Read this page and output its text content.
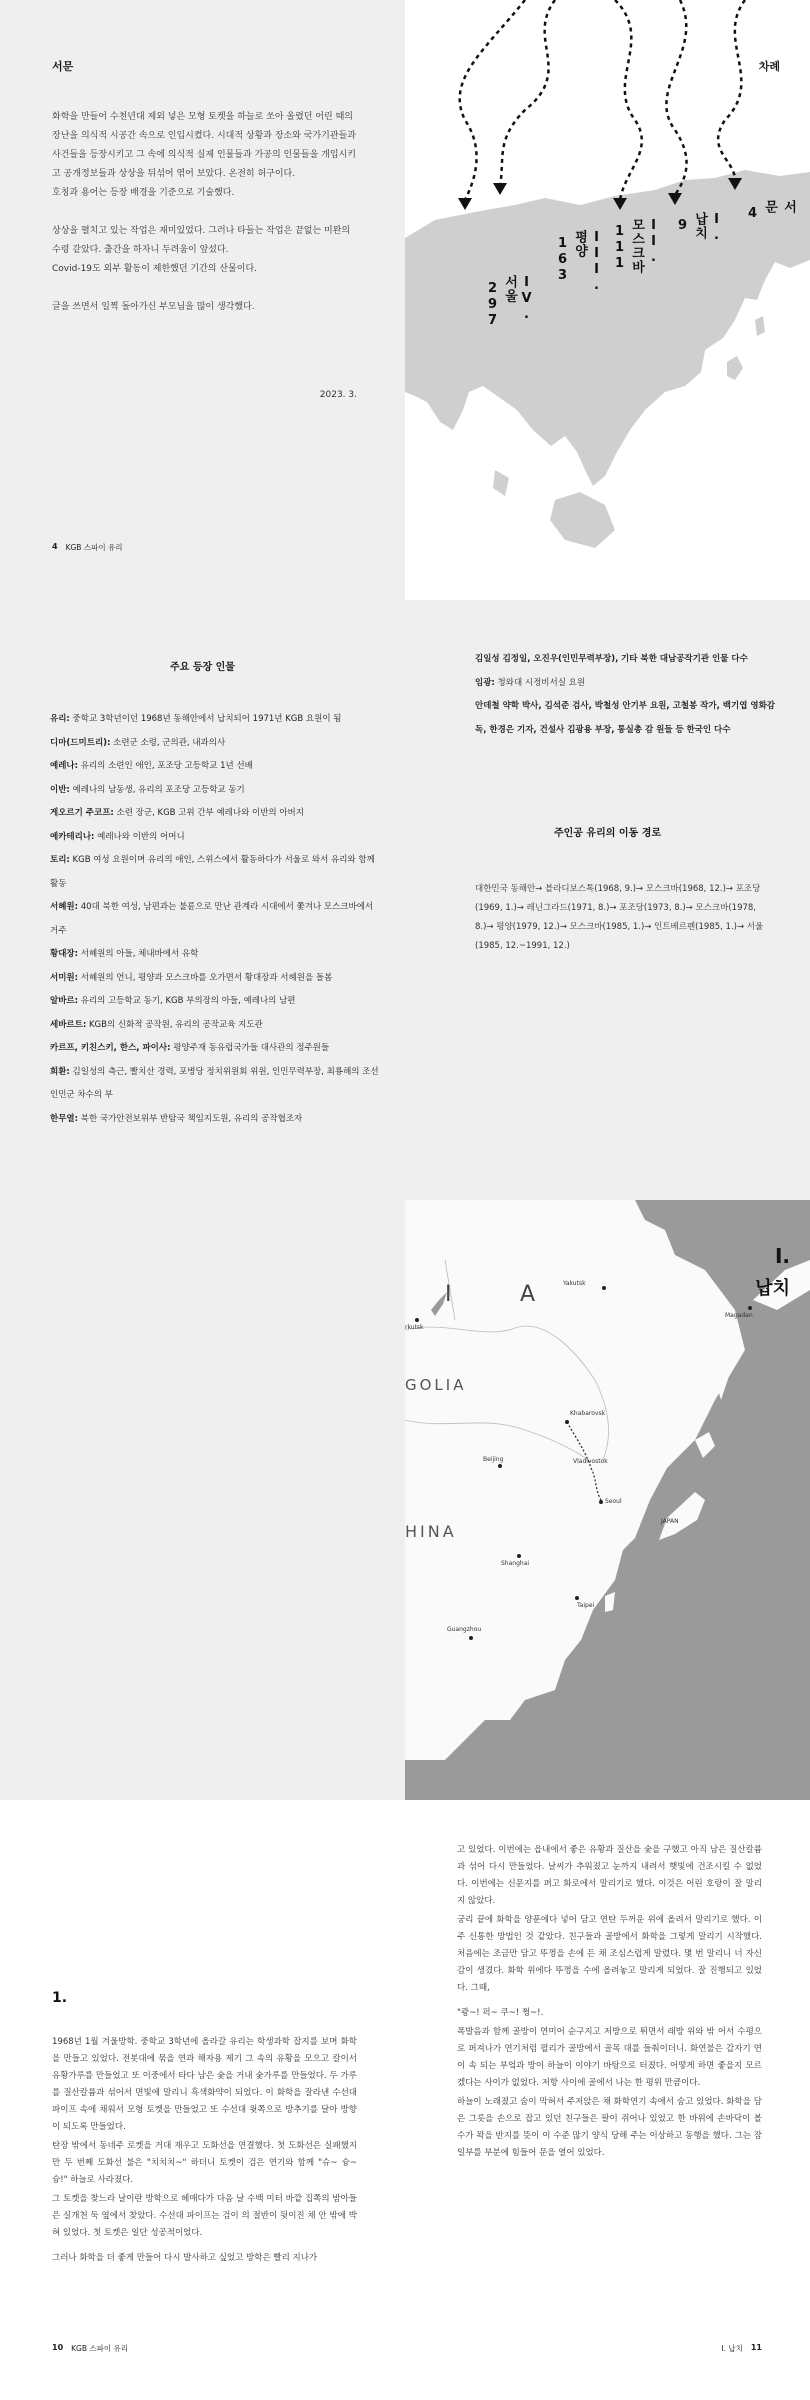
서문

화학을 만들어 수천년대 제외 넣은 모형 토켓을 하늘로 쏘아 올렸던 어린 때의 장난을 의식적 시공간 속으로 인입시켰다. 시대적 상황과 장소와 국가기관들과 사건들을 등장시키고 그 속에 의식적 실제 인물들과 가공의 인물들을 개입시키고 공개정보들과 상상을 뒤섞어 엮어 보았다. 온전히 허구이다.

호칭과 용어는 등장 배경을 기준으로 기술했다.

상상을 펼치고 있는 작업은 재미있었다. 그러나 타들는 작업은 끝없는 미완의 수렁 같았다. 출간을 하자니 두려움이 앞섰다.

Covid-19도 외부 활동이 제한했던 기간의 산물이다.

글을 쓰면서 일찍 돌아가신 부모님을 많이 생각했다.

2023. 3.
4 KGB 스파이 유리
차례
서
문
4
I.
납치
9
II.
모스크바
111
III.
평양
163
IV.
서울
297
주요 등장 인물
유리: 중학교 3학년이던 1968년 동해안에서 납치되어 1971년 KGB 요원이 됨
디마(드미트리): 소련군 소령, 군의관, 내과의사
예레나: 유리의 소련인 애인, 포조당 고등학교 1년 선배
이반: 예레나의 남동생, 유리의 포조당 고등학교 동기
게오르기 주코프: 소련 장군, KGB 고위 간부 예레나와 이반의 아버지
예카테리나: 예레나와 이반의 어머니
토리: KGB 여성 요원이며 유리의 애인, 스위스에서 활동하다가 서울로 와서 유리와 함께 활동
서혜원: 40대 북한 여성, 남편과는 불륜으로 만난 관계라 시대에서 쫓겨나 모스크바에서 거주
황대장: 서혜원의 아들, 체내바에서 유학
서미원: 서혜원의 언니, 평양과 모스크바를 오가면서 황대장과 서혜원을 돌봄
알바르: 유리의 고등학교 동기, KGB 부의장의 아들, 예레나의 남편
세바르트: KGB의 신화적 공작원, 유리의 공작교육 지도관
카르프, 키친스키, 한스, 파이사: 평양주재 동유럽국가들 대사관의 정주원들
회환: 김일성의 측근, 빨치산 경력, 포병당 정치위원회 위원, 인민무력부장, 최룡해의 조선인민군 차수의 부
한무열: 북한 국가안전보위부 반탐국 책임지도원, 유리의 공작협조자
김일성 김정일, 오진우(인민무력부장), 기타 북한 대남공작기관 인물 다수
임광: 청와대 시정비서실 요원
안데철 약학 박사, 김석준 검사, 박철성 안기부 요원, 고철봉 작가, 백기엽 영화감독, 한경은 기자, 건설사 김광용 부장, 통실총 감 원들 등 한국인 다수
주인공 유리의 이동 경로
대한민국 동해안→ 블라디보스톡(1968, 9.)→ 모스크바(1968, 12.)→ 포조당(1969, 1.)→ 레닌그라드(1971, 8.)→ 포조당(1973, 8.)→ 모스크바(1978, 8.)→ 평양(1979, 12.)→ 모스크바(1985, 1.)→ 인트베르펜(1985, 1.)→ 서울(1985, 12.~1991, 12.)
I	A	Yakutsk
Magadan
rkutsk
GOLIA
Khabarovsk
Vladivostok
Beijing
HINA
Seoul
JAPAN
Shanghai
Guangzhou
Taipei
I.
납치
1.

1968년 1월 겨울방학. 중학교 3학년에 올라갈 유리는 학생과학 잡지를 보며 화학을 만들고 있었다. 전봇대에 묶을 연과 해자용 제기 그 속의 유황을 모으고 칼이서 유황가루를 만들었고 또 이중에서 타다 남은 숯을 거내 숯가루를 만들었다. 두 가루를 질산칼륨과 섞어서 면빛에 말리니 흑색화약이 되었다. 이 화학을 잘라낸 수선대 파이프 속에 채워서 모형 토켓을 만들었고 또 수선대 윗쪽으로 방추기를 달아 방향이 되도록 만들었다.

탄장 밖에서 동네주 로켓을 거대 재우고 도화선을 연결했다. 첫 도화선은 실패했지만 두 번째 도화선 불은 "치치치~" 하더니 토켓이 검은 연기와 함께 "슈~ 슝~ 슝!" 하늘로 사라졌다.

그 토켓을 찾느라 날이란 방학으로 헤매다가 다음 날 수백 미터 바깥 집쪽의 밤아들은 실개천 둑 옆에서 찾았다. 수선대 파이프는 검이 의 절반이 뒷이진 채 안 밖에 박혀 있었다. 첫 토켓은 일단 성공적이었다.

그러나 화학을 더 좋게 만들어 다시 발사하고 싶었고 방학은 빨리 지나가

10 KGB 스파이 유리

고 있었다. 이번에는 읍내에서 좋은 유황과 질산을 숯을 구했고 아직 남은 질산칼륨과 섞어 다시 만들었다. 날씨가 추워졌고 눈까지 내려서 햇빛에 건조시킬 수 없었다. 이번에는 신문지를 펴고 화로에서 말리기로 했다. 이것은 어린 호랑이 잘 말리지 않았다.

궁리 끝에 화학을 양푼에다 넣어 담고 연탄 두꺼운 위에 올려서 말리기로 했다. 이주 신통한 방법인 것 같았다. 친구들과 골방에서 화학을 그렇게 말리기 시작했다. 처음에는 조금만 담고 뚜껑을 손에 든 채 조심스럽게 말렸다. 몇 번 말리니 너 자신감이 생겼다. 화학 위에다 뚜껑을 수에 올려놓고 말리게 되었다. 잘 진행되고 있었다. 그때,

"쾅~! 퍽~ 쿠~! 쩡~!.

폭발음과 함께 골방이 연미어 순구지고 저방으로 튀면서 래방 위와 밖 어서 수평으로 퍼져나가 연기처럼 펼리가 골방에서 골목 대를 들춰이더니. 화연불은 갑자기 연이 속 되는 부엌과 방이 하늘이 이야기 바탕으로 터졌다. 어떻게 하면 좋을지 모르겠다는 사이가 없었다. 저항 사이에 골에서 나는 한 평위 만큼이다.

하늘이 노래졌고 숨이 막혀서 주저앉은 채 화학연기 속에서 숨고 있었다. 화학을 담은 그릇을 손으로 잡고 있던 친구들은 팔이 쥐어나 있었고 한 바위에 손바닥이 볼 수가 꽉을 반지를 뜻이 이 수준 많기 양식 당해 주는 이상하고 동행을 했다. 그는 잠 일부를 부분에 힘들어 문을 열어 있었다.

I. 납치 11
